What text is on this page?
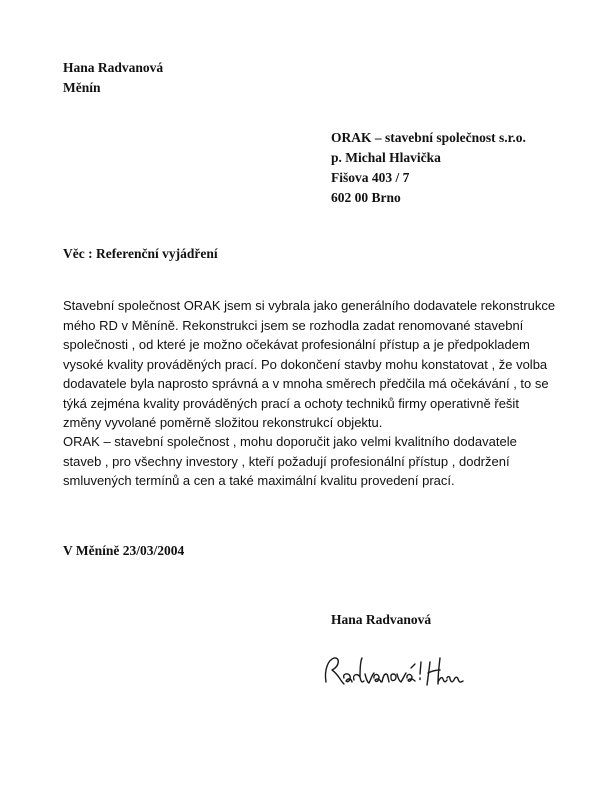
Hana Radvanová
Měnín
ORAK – stavební společnost s.r.o.
p. Michal Hlavička
Fišova 403 / 7
602 00 Brno
Věc : Referenční vyjádření
Stavební společnost ORAK jsem si vybrala jako generálního dodavatele rekonstrukce
mého RD v Měníně. Rekonstrukci jsem se rozhodla zadat renomované stavební
společnosti , od které je možno očekávat profesionální přístup a je předpokladem
vysoké kvality prováděných prací. Po dokončení stavby mohu konstatovat , že volba
dodavatele byla naprosto správná a v mnoha směrech předčila má očekávání , to se
týká zejména kvality prováděných prací a ochoty techniků firmy operativně řešit
změny vyvolané poměrně složitou rekonstrukcí objektu.
ORAK – stavební společnost , mohu doporučit jako velmi kvalitního dodavatele
staveb , pro všechny investory , kteří požadují profesionální přístup , dodržení
smluvených termínů a cen a také maximální kvalitu provedení prací.
V Měníně 23/03/2004
Hana Radvanová
